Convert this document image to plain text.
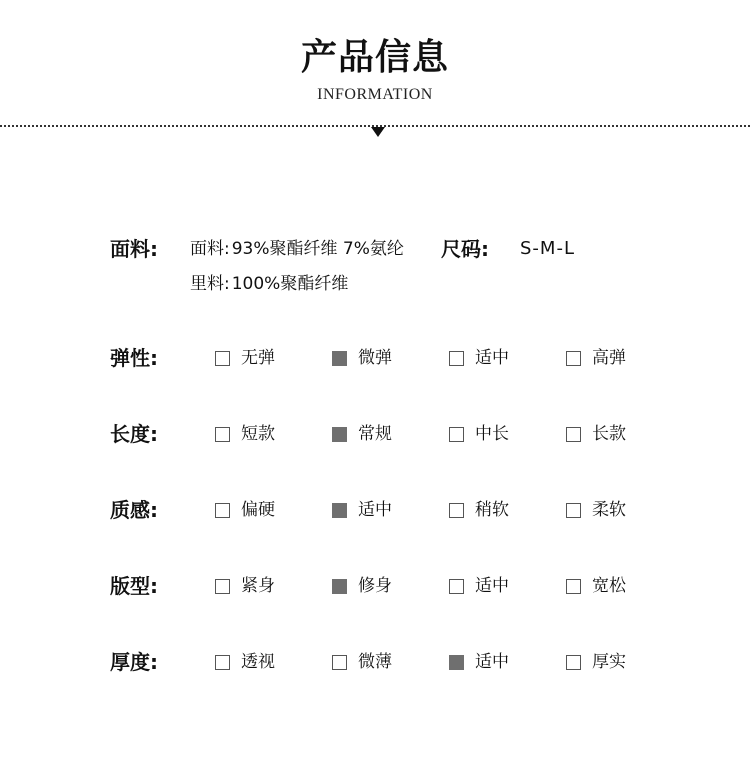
产品信息
INFORMATION
面料: 面料: 93%聚酯纤维 7%氨纶 尺码: S-M-L
里料: 100%聚酯纤维
弹性:	无弹	微弹	适中	高弹
长度:	短款	常规	中长	长款
质感:	偏硬	适中	稍软	柔软
版型:	紧身	修身	适中	宽松
厚度:	透视	微薄	适中	厚实
